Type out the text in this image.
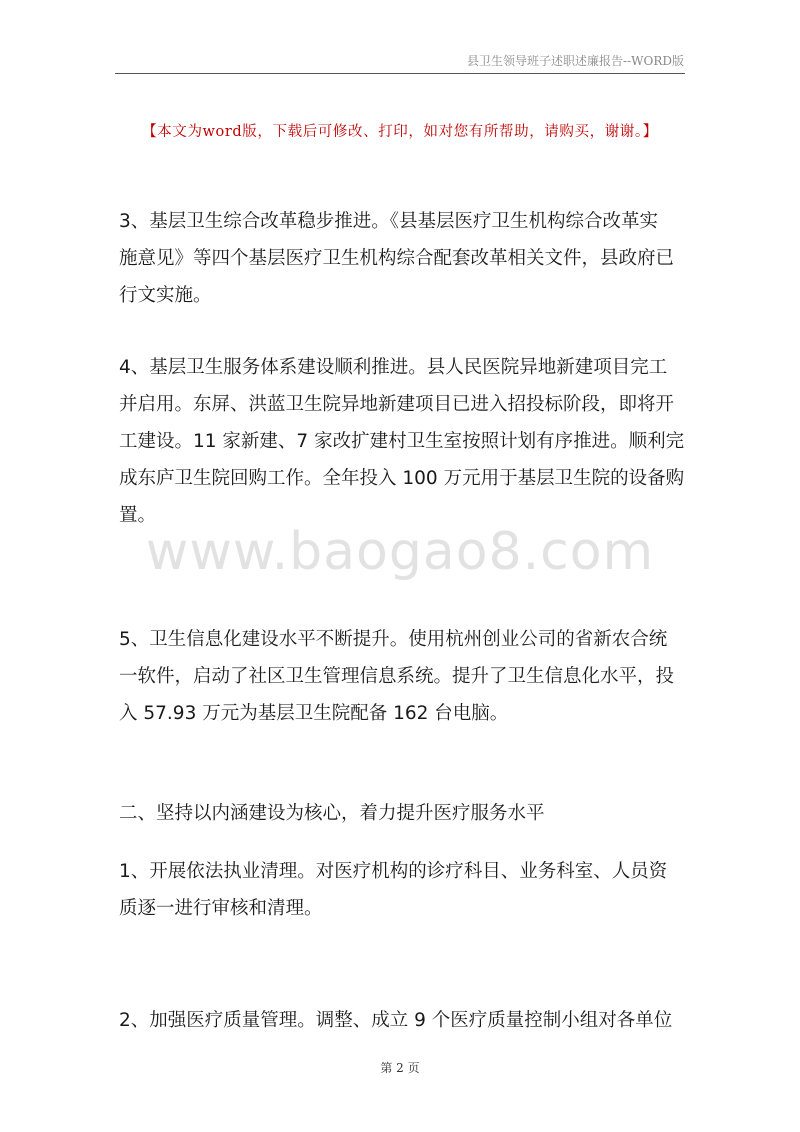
县卫生领导班子述职述廉报告--WORD版
【本文为word版，下载后可修改、打印，如对您有所帮助，请购买，谢谢。】
3、基层卫生综合改革稳步推进。《县基层医疗卫生机构综合改革实
施意见》等四个基层医疗卫生机构综合配套改革相关文件，县政府已
行文实施。
4、基层卫生服务体系建设顺利推进。县人民医院异地新建项目完工
并启用。东屏、洪蓝卫生院异地新建项目已进入招投标阶段，即将开
工建设。11 家新建、7 家改扩建村卫生室按照计划有序推进。顺利完
成东庐卫生院回购工作。全年投入 100 万元用于基层卫生院的设备购
置。
www.baogao8.com
5、卫生信息化建设水平不断提升。使用杭州创业公司的省新农合统
一软件，启动了社区卫生管理信息系统。提升了卫生信息化水平，投
入 57.93 万元为基层卫生院配备 162 台电脑。
二、坚持以内涵建设为核心，着力提升医疗服务水平
1、开展依法执业清理。对医疗机构的诊疗科目、业务科室、人员资
质逐一进行审核和清理。
2、加强医疗质量管理。调整、成立 9 个医疗质量控制小组对各单位
第 2 页
